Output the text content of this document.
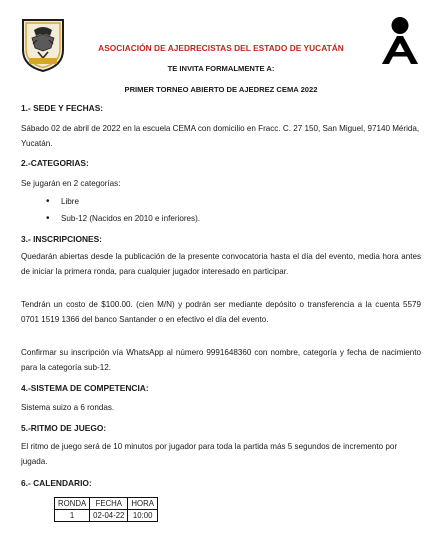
ASOCIACIÓN DE AJEDRECISTAS DEL ESTADO DE YUCATÁN
TE INVITA FORMALMENTE A:
PRIMER TORNEO ABIERTO DE AJEDREZ CEMA 2022
1.- SEDE Y FECHAS:

Sábado 02 de abril de 2022 en la escuela CEMA con domicilio en Fracc. C. 27 150, San Miguel, 97140 Mérida, Yucatán.

2.-CATEGORIAS:

Se jugarán en 2 categorías:

• Libre
• Sub-12 (Nacidos en 2010 e inferiores).
3.- INSCRIPCIONES:

Quedarán abiertas desde la publicación de la presente convocatoria hasta el día del evento, media hora antes de iniciar la primera ronda, para cualquier jugador interesado en participar.

Tendrán un costo de $100.00. (cien M/N) y podrán ser mediante depósito o transferencia a la cuenta 5579 0701 1519 1366 del banco Santander o en efectivo el día del evento.

Confirmar su inscripción vía WhatsApp al número 9991648360 con nombre, categoría y fecha de nacimiento para la categoría sub-12.

4.-SISTEMA DE COMPETENCIA:

Sistema suizo a 6 rondas.

5.-RITMO DE JUEGO:

El ritmo de juego será de 10 minutos por jugador para toda la partida más 5 segundos de incremento por jugada.

6.- CALENDARIO:
RONDA	FECHA	HORA
1	02-04-22	10:00
